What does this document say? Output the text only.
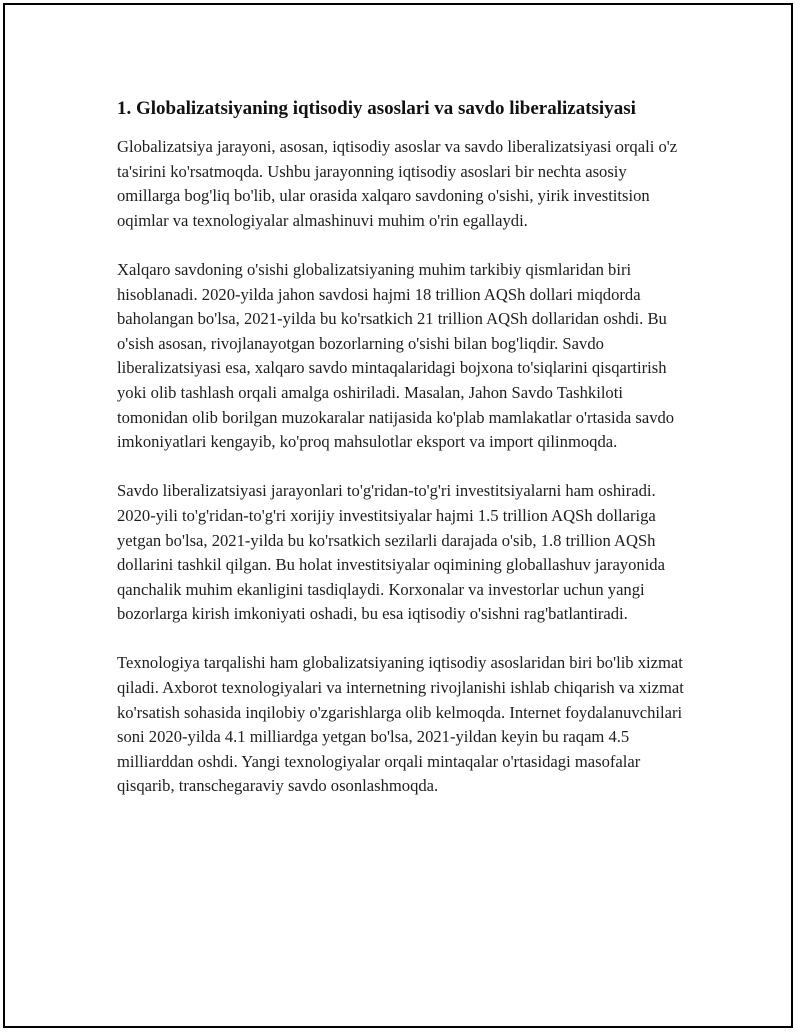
1. Globalizatsiyaning iqtisodiy asoslari va savdo liberalizatsiyasi

Globalizatsiya jarayoni, asosan, iqtisodiy asoslar va savdo liberalizatsiyasi orqali o'z ta'sirini ko'rsatmoqda. Ushbu jarayonning iqtisodiy asoslari bir nechta asosiy omillarga bog'liq bo'lib, ular orasida xalqaro savdoning o'sishi, yirik investitsion oqimlar va texnologiyalar almashinuvi muhim o'rin egallaydi.

Xalqaro savdoning o'sishi globalizatsiyaning muhim tarkibiy qismlaridan biri hisoblanadi. 2020-yilda jahon savdosi hajmi 18 trillion AQSh dollari miqdorda baholangan bo'lsa, 2021-yilda bu ko'rsatkich 21 trillion AQSh dollaridan oshdi. Bu o'sish asosan, rivojlanayotgan bozorlarning o'sishi bilan bog'liqdir. Savdo liberalizatsiyasi esa, xalqaro savdo mintaqalaridagi bojxona to'siqlarini qisqartirish yoki olib tashlash orqali amalga oshiriladi. Masalan, Jahon Savdo Tashkiloti tomonidan olib borilgan muzokaralar natijasida ko'plab mamlakatlar o'rtasida savdo imkoniyatlari kengayib, ko'proq mahsulotlar eksport va import qilinmoqda.

Savdo liberalizatsiyasi jarayonlari to'g'ridan-to'g'ri investitsiyalarni ham oshiradi. 2020-yili to'g'ridan-to'g'ri xorijiy investitsiyalar hajmi 1.5 trillion AQSh dollariga yetgan bo'lsa, 2021-yilda bu ko'rsatkich sezilarli darajada o'sib, 1.8 trillion AQSh dollarini tashkil qilgan. Bu holat investitsiyalar oqimining globallashuv jarayonida qanchalik muhim ekanligini tasdiqlaydi. Korxonalar va investorlar uchun yangi bozorlarga kirish imkoniyati oshadi, bu esa iqtisodiy o'sishni rag'batlantiradi.

Texnologiya tarqalishi ham globalizatsiyaning iqtisodiy asoslaridan biri bo'lib xizmat qiladi. Axborot texnologiyalari va internetning rivojlanishi ishlab chiqarish va xizmat ko'rsatish sohasida inqilobiy o'zgarishlarga olib kelmoqda. Internet foydalanuvchilari soni 2020-yilda 4.1 milliardga yetgan bo'lsa, 2021-yildan keyin bu raqam 4.5 milliarddan oshdi. Yangi texnologiyalar orqali mintaqalar o'rtasidagi masofalar qisqarib, transchegaraviy savdo osonlashmoqda.
